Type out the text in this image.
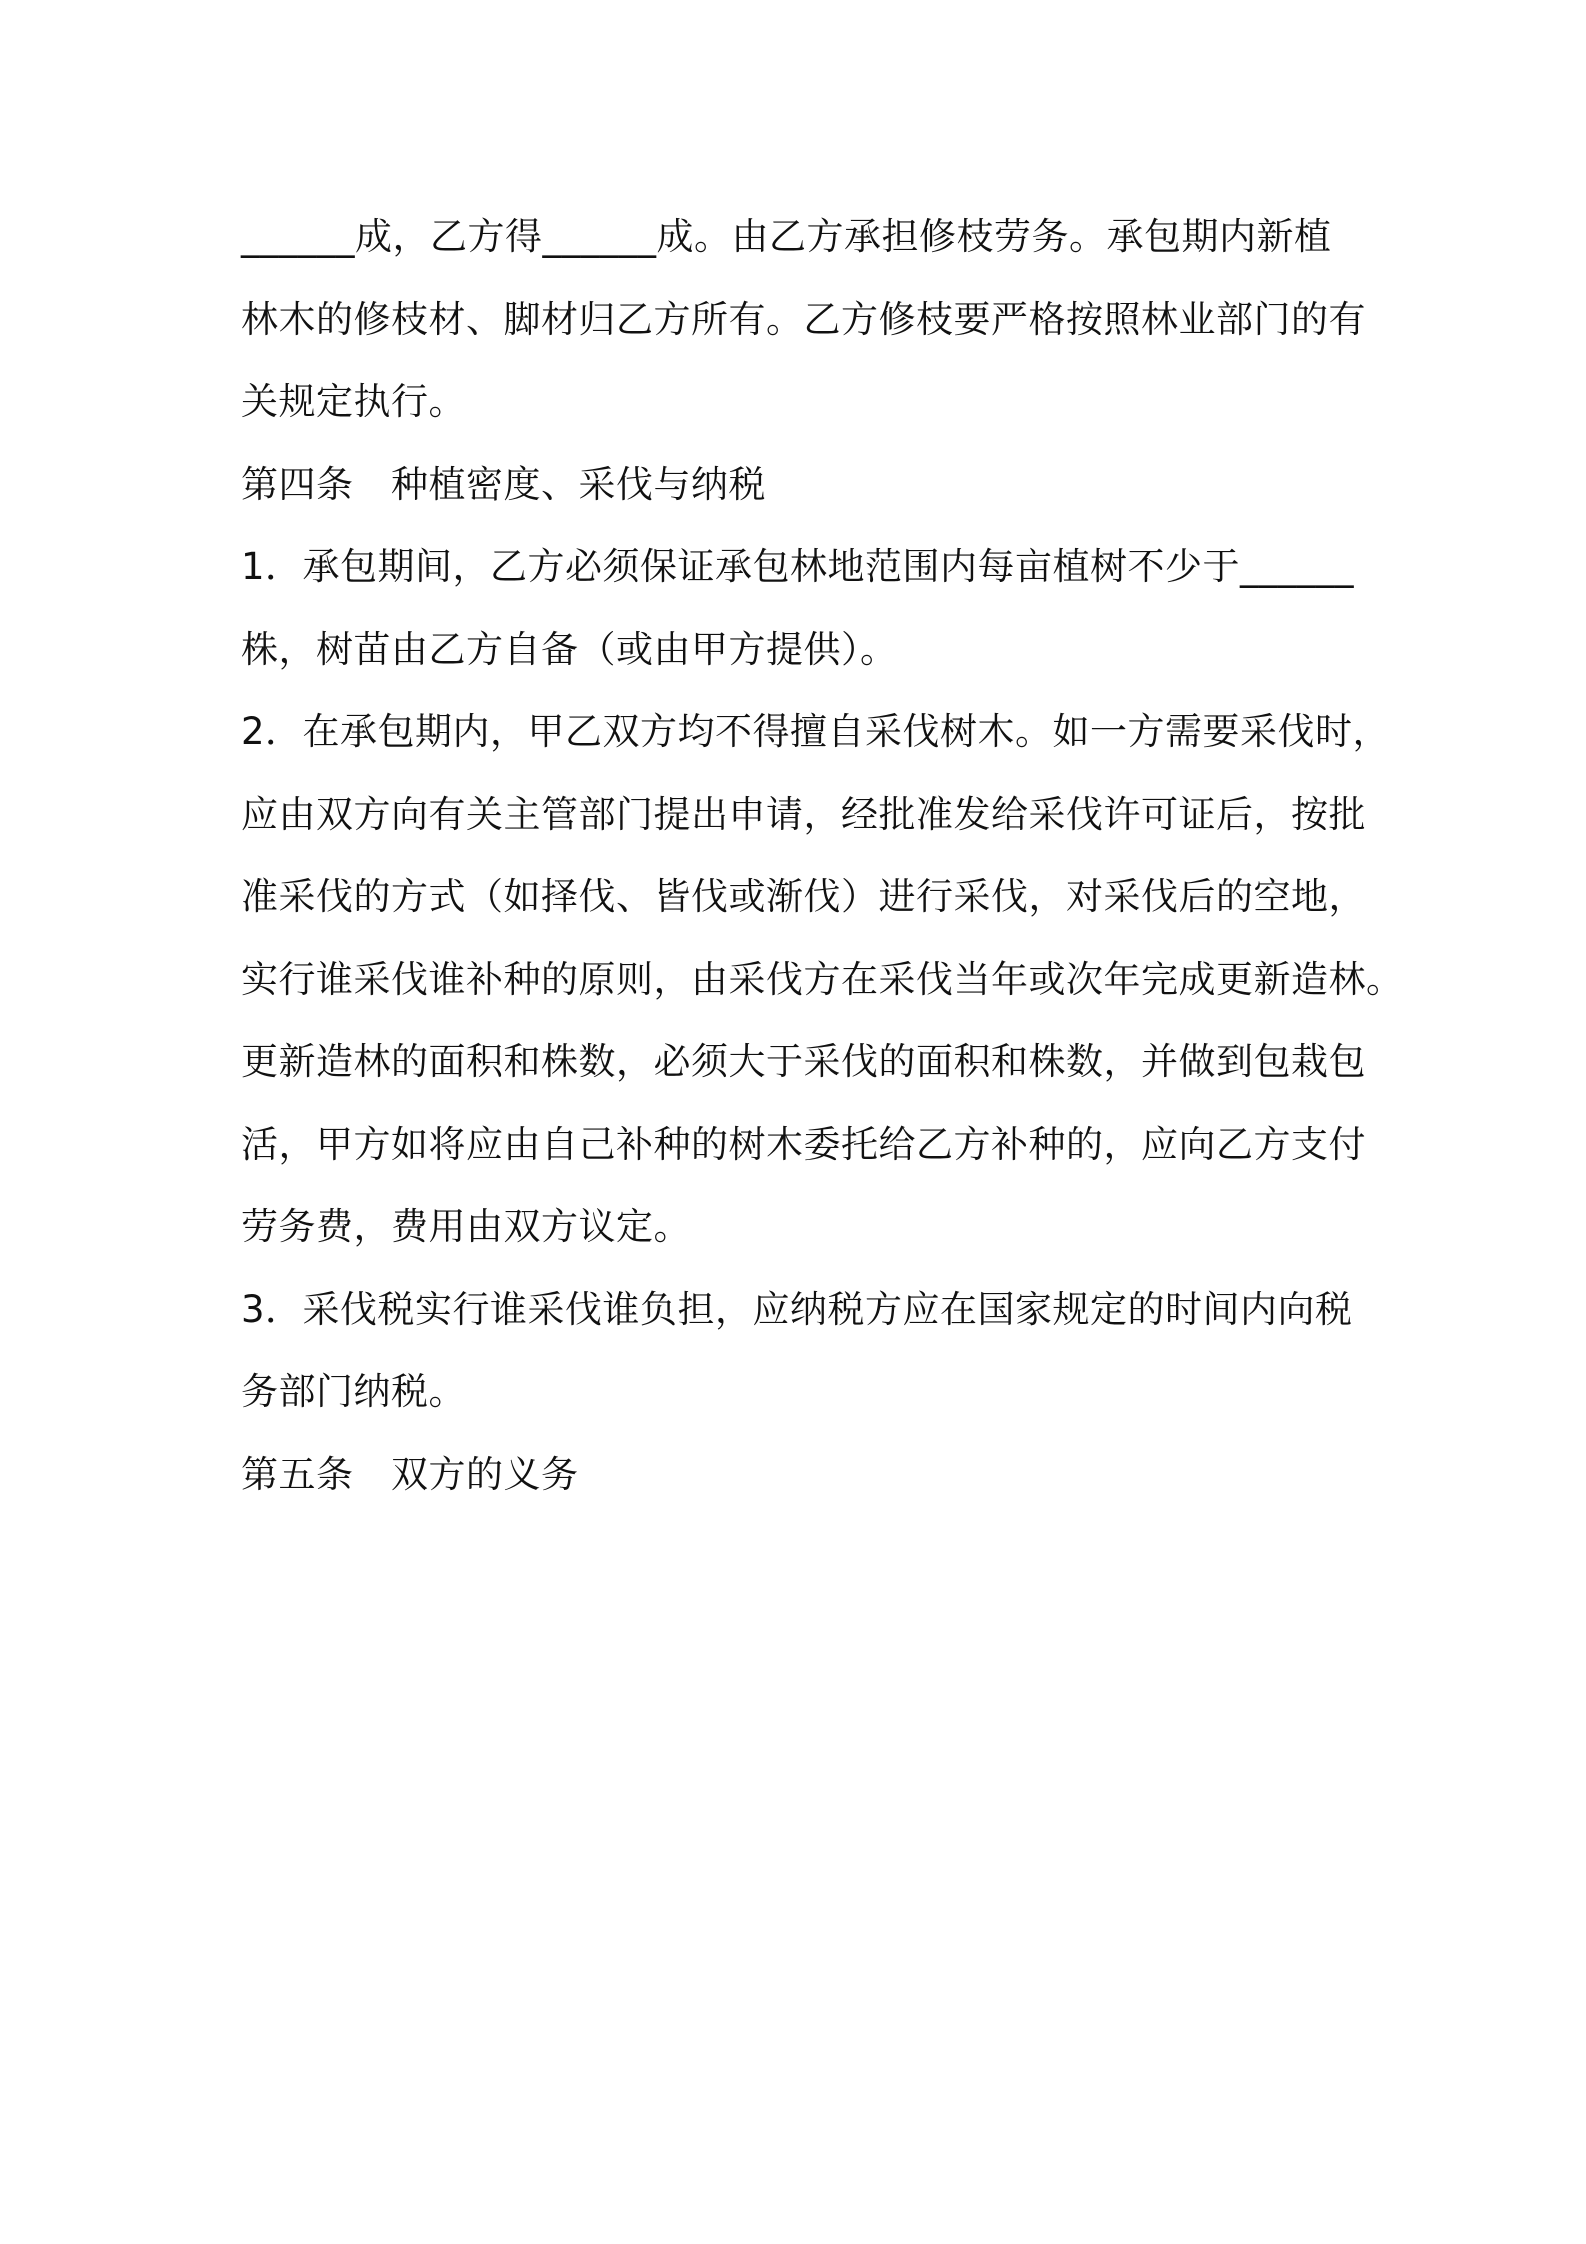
______成，乙方得______成。由乙方承担修枝劳务。承包期内新植
林木的修枝材、脚材归乙方所有。乙方修枝要严格按照林业部门的有
关规定执行。
第四条　种植密度、采伐与纳税
1．承包期间，乙方必须保证承包林地范围内每亩植树不少于______
株，树苗由乙方自备（或由甲方提供）。
2．在承包期内，甲乙双方均不得擅自采伐树木。如一方需要采伐时，
应由双方向有关主管部门提出申请，经批准发给采伐许可证后，按批
准采伐的方式（如择伐、皆伐或渐伐）进行采伐，对采伐后的空地，
实行谁采伐谁补种的原则，由采伐方在采伐当年或次年完成更新造林。
更新造林的面积和株数，必须大于采伐的面积和株数，并做到包栽包
活，甲方如将应由自己补种的树木委托给乙方补种的，应向乙方支付
劳务费，费用由双方议定。
3．采伐税实行谁采伐谁负担，应纳税方应在国家规定的时间内向税
务部门纳税。
第五条　双方的义务
